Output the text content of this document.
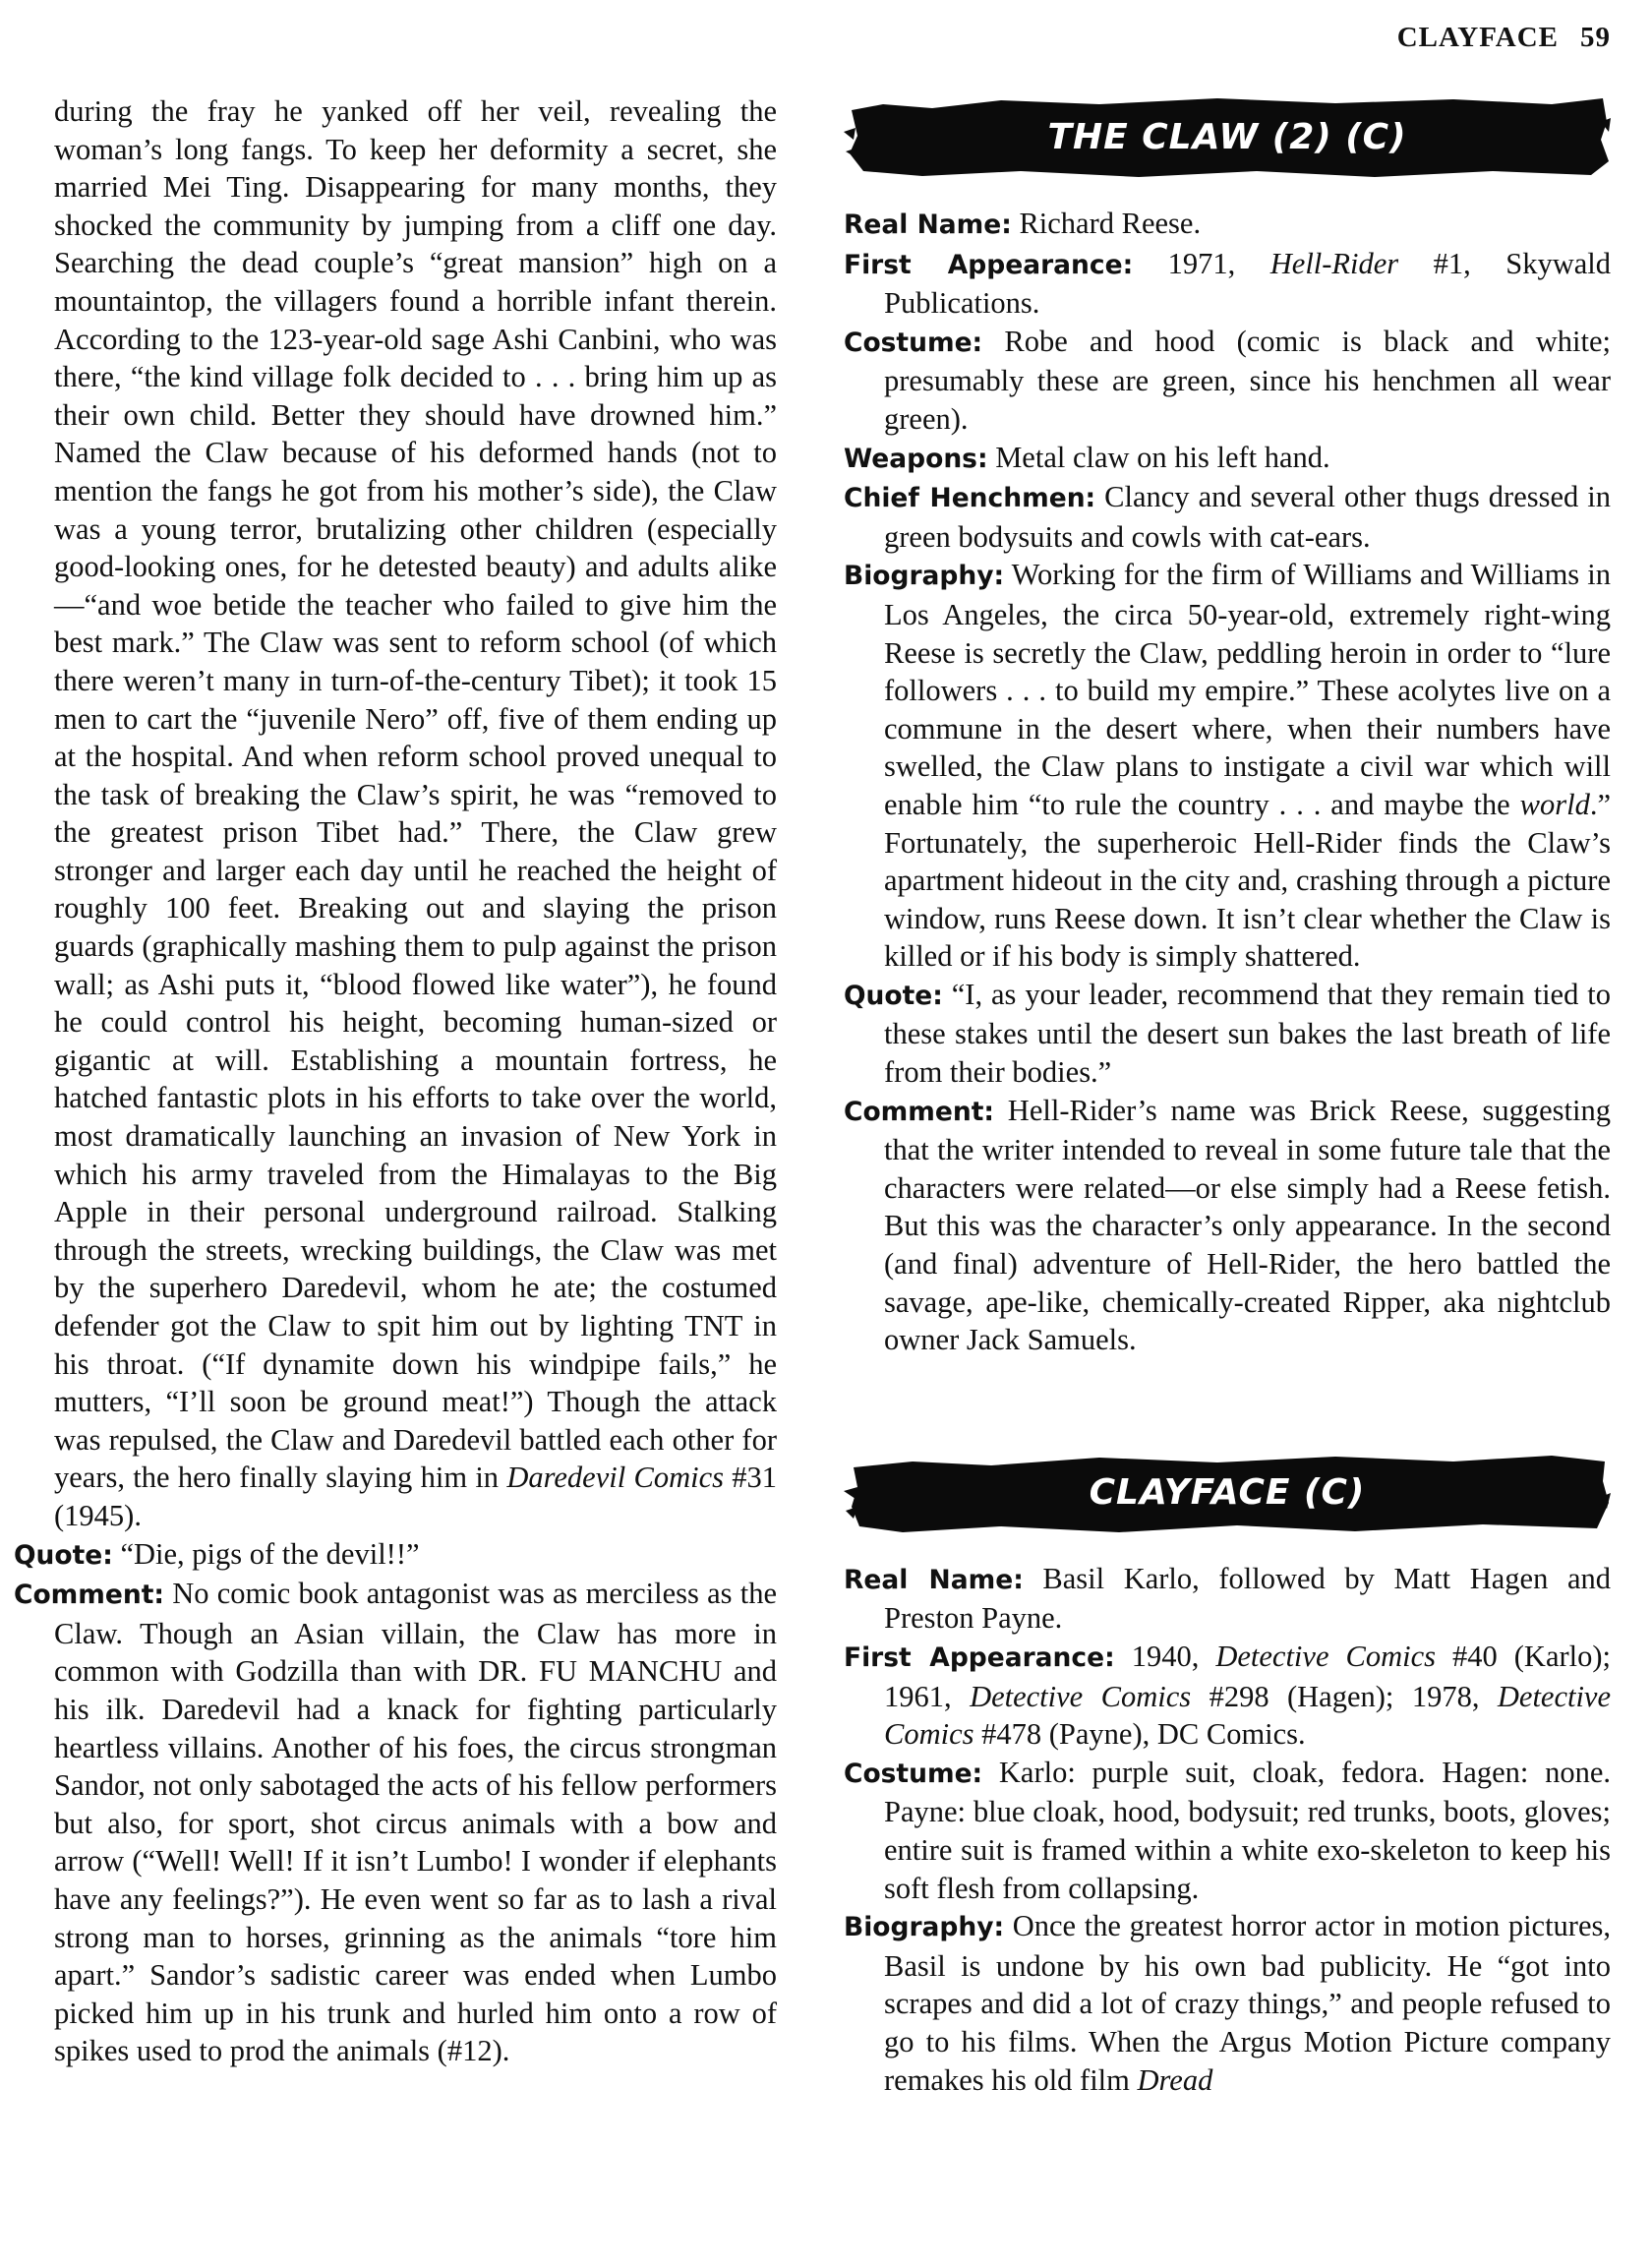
CLAYFACE 59

during the fray he yanked off her veil, revealing the woman’s long fangs. To keep her deformity a secret, she married Mei Ting. Disappearing for many months, they shocked the community by jumping from a cliff one day. Searching the dead couple’s “great mansion” high on a mountaintop, the villagers found a horrible infant therein. According to the 123-year-old sage Ashi Canbini, who was there, “the kind village folk decided to . . . bring him up as their own child. Better they should have drowned him.” Named the Claw because of his deformed hands (not to mention the fangs he got from his mother’s side), the Claw was a young terror, brutalizing other children (especially good-looking ones, for he detested beauty) and adults alike—“and woe betide the teacher who failed to give him the best mark.” The Claw was sent to reform school (of which there weren’t many in turn-of-the-century Tibet); it took 15 men to cart the “juvenile Nero” off, five of them ending up at the hospital. And when reform school proved unequal to the task of breaking the Claw’s spirit, he was “removed to the greatest prison Tibet had.” There, the Claw grew stronger and larger each day until he reached the height of roughly 100 feet. Breaking out and slaying the prison guards (graphically mashing them to pulp against the prison wall; as Ashi puts it, “blood flowed like water”), he found he could control his height, becoming human-sized or gigantic at will. Establishing a mountain fortress, he hatched fantastic plots in his efforts to take over the world, most dramatically launching an invasion of New York in which his army traveled from the Himalayas to the Big Apple in their personal underground railroad. Stalking through the streets, wrecking buildings, the Claw was met by the superhero Daredevil, whom he ate; the costumed defender got the Claw to spit him out by lighting TNT in his throat. (“If dynamite down his windpipe fails,” he mutters, “I’ll soon be ground meat!”) Though the attack was repulsed, the Claw and Daredevil battled each other for years, the hero finally slaying him in Daredevil Comics #31 (1945).

Quote: “Die, pigs of the devil!!”

Comment: No comic book antagonist was as merciless as the Claw. Though an Asian villain, the Claw has more in common with Godzilla than with DR. FU MANCHU and his ilk. Daredevil had a knack for fighting particularly heartless villains. Another of his foes, the circus strongman Sandor, not only sabotaged the acts of his fellow performers but also, for sport, shot circus animals with a bow and arrow (“Well! Well! If it isn’t Lumbo! I wonder if elephants have any feelings?”). He even went so far as to lash a rival strong man to horses, grinning as the animals “tore him apart.” Sandor’s sadistic career was ended when Lumbo picked him up in his trunk and hurled him onto a row of spikes used to prod the animals (#12).

THE CLAW (2) (C)

Real Name: Richard Reese.

First Appearance: 1971, Hell-Rider #1, Skywald Publications.

Costume: Robe and hood (comic is black and white; presumably these are green, since his henchmen all wear green).

Weapons: Metal claw on his left hand.

Chief Henchmen: Clancy and several other thugs dressed in green bodysuits and cowls with cat-ears.

Biography: Working for the firm of Williams and Williams in Los Angeles, the circa 50-year-old, extremely right-wing Reese is secretly the Claw, peddling heroin in order to “lure followers . . . to build my empire.” These acolytes live on a commune in the desert where, when their numbers have swelled, the Claw plans to instigate a civil war which will enable him “to rule the country . . . and maybe the world.” Fortunately, the superheroic Hell-Rider finds the Claw’s apartment hideout in the city and, crashing through a picture window, runs Reese down. It isn’t clear whether the Claw is killed or if his body is simply shattered.

Quote: “I, as your leader, recommend that they remain tied to these stakes until the desert sun bakes the last breath of life from their bodies.”

Comment: Hell-Rider’s name was Brick Reese, suggesting that the writer intended to reveal in some future tale that the characters were related—or else simply had a Reese fetish. But this was the character’s only appearance. In the second (and final) adventure of Hell-Rider, the hero battled the savage, ape-like, chemically-created Ripper, aka nightclub owner Jack Samuels.

CLAYFACE (C)

Real Name: Basil Karlo, followed by Matt Hagen and Preston Payne.

First Appearance: 1940, Detective Comics #40 (Karlo); 1961, Detective Comics #298 (Hagen); 1978, Detective Comics #478 (Payne), DC Comics.

Costume: Karlo: purple suit, cloak, fedora. Hagen: none. Payne: blue cloak, hood, bodysuit; red trunks, boots, gloves; entire suit is framed within a white exo-skeleton to keep his soft flesh from collapsing.

Biography: Once the greatest horror actor in motion pictures, Basil is undone by his own bad publicity. He “got into scrapes and did a lot of crazy things,” and people refused to go to his films. When the Argus Motion Picture company remakes his old film Dread
